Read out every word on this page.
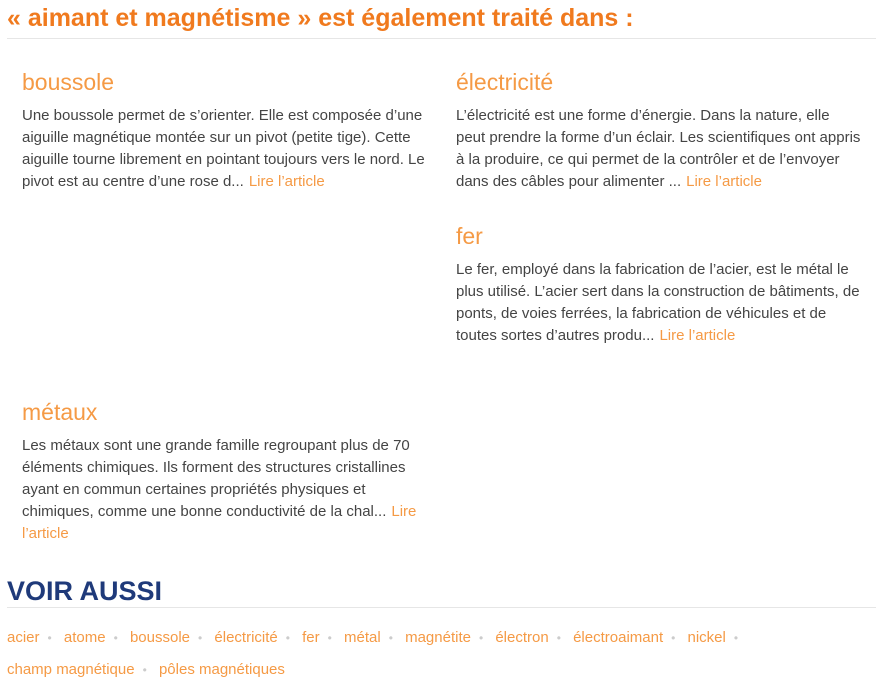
« aimant et magnétisme » est également traité dans :
boussole

Une boussole permet de s’orienter. Elle est composée d’une aiguille magnétique montée sur un pivot (petite tige). Cette aiguille tourne librement en pointant toujours vers le nord. Le pivot est au centre d’une rose d... Lire l’article

électricité

L’électricité est une forme d’énergie. Dans la nature, elle peut prendre la forme d’un éclair. Les scientifiques ont appris à la produire, ce qui permet de la contrôler et de l’envoyer dans des câbles pour alimenter ... Lire l’article

fer

Le fer, employé dans la fabrication de l’acier, est le métal le plus utilisé. L’acier sert dans la construction de bâtiments, de ponts, de voies ferrées, la fabrication de véhicules et de toutes sortes d’autres produ... Lire l’article

métaux

Les métaux sont une grande famille regroupant plus de 70 éléments chimiques. Ils forment des structures cristallines ayant en commun certaines propriétés physiques et chimiques, comme une bonne conductivité de la chal... Lire l’article

VOIR AUSSI
acier • atome • boussole • électricité • fer • métal • magnétite • électron • électroaimant • nickel • champ magnétique • pôles magnétiques
